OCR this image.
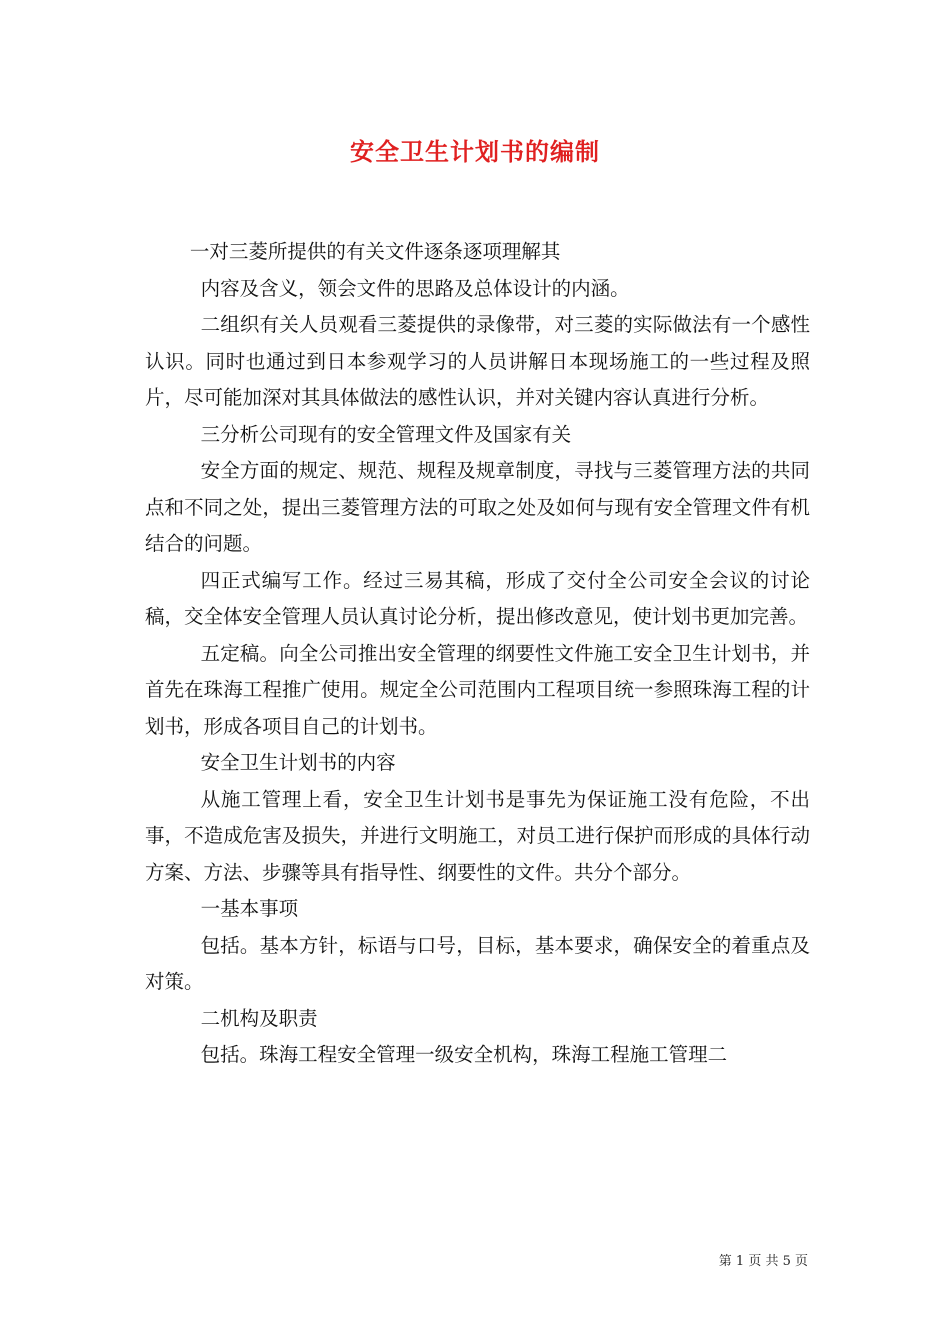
安全卫生计划书的编制

一对三菱所提供的有关文件逐条逐项理解其

内容及含义，领会文件的思路及总体设计的内涵。

二组织有关人员观看三菱提供的录像带，对三菱的实际做法有一个感性认识。同时也通过到日本参观学习的人员讲解日本现场施工的一些过程及照片，尽可能加深对其具体做法的感性认识，并对关键内容认真进行分析。

三分析公司现有的安全管理文件及国家有关

安全方面的规定、规范、规程及规章制度，寻找与三菱管理方法的共同点和不同之处，提出三菱管理方法的可取之处及如何与现有安全管理文件有机结合的问题。

四正式编写工作。经过三易其稿，形成了交付全公司安全会议的讨论稿，交全体安全管理人员认真讨论分析，提出修改意见，使计划书更加完善。

五定稿。向全公司推出安全管理的纲要性文件施工安全卫生计划书，并首先在珠海工程推广使用。规定全公司范围内工程项目统一参照珠海工程的计划书，形成各项目自己的计划书。

安全卫生计划书的内容

从施工管理上看，安全卫生计划书是事先为保证施工没有危险，不出事，不造成危害及损失，并进行文明施工，对员工进行保护而形成的具体行动方案、方法、步骤等具有指导性、纲要性的文件。共分个部分。

一基本事项

包括。基本方针，标语与口号，目标，基本要求，确保安全的着重点及对策。

二机构及职责

包括。珠海工程安全管理一级安全机构，珠海工程施工管理二

第 1 页 共 5 页
